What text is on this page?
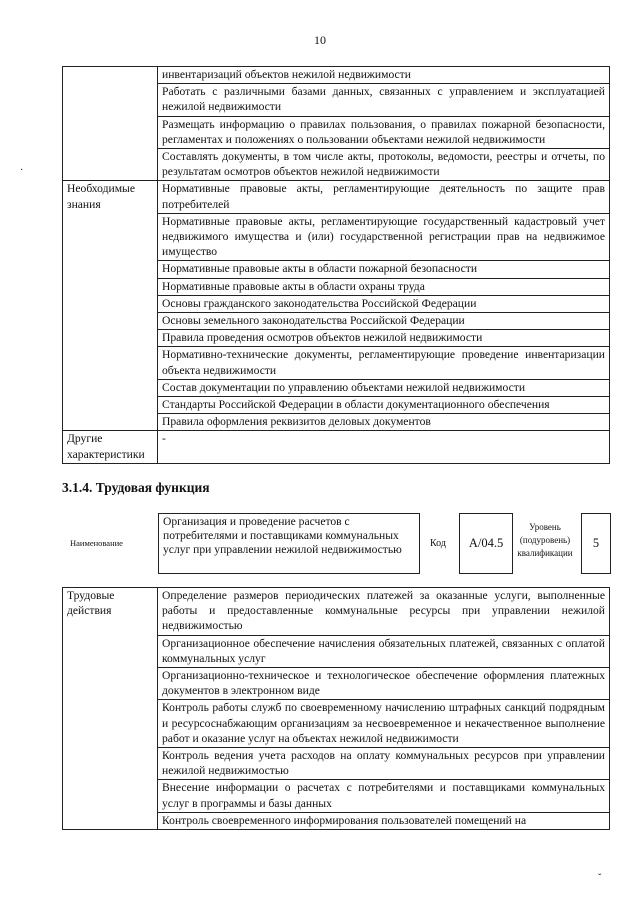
10
	инвентаризаций объектов нежилой недвижимости
	Работать с различными базами данных, связанных с управлением и эксплуатацией нежилой недвижимости
	Размещать информацию о правилах пользования, о правилах пожарной безопасности, регламентах и положениях о пользовании объектами нежилой недвижимости
	Составлять документы, в том числе акты, протоколы, ведомости, реестры и отчеты, по результатам осмотров объектов нежилой недвижимости
Необходимые знания	Нормативные правовые акты, регламентирующие деятельность по защите прав потребителей
	Нормативные правовые акты, регламентирующие государственный кадастровый учет недвижимого имущества и (или) государственной регистрации прав на недвижимое имущество
	Нормативные правовые акты в области пожарной безопасности
	Нормативные правовые акты в области охраны труда
	Основы гражданского законодательства Российской Федерации
	Основы земельного законодательства Российской Федерации
	Правила проведения осмотров объектов нежилой недвижимости
	Нормативно-технические документы, регламентирующие проведение инвентаризации объекта недвижимости
	Состав документации по управлению объектами нежилой недвижимости
	Стандарты Российской Федерации в области документационного обеспечения
	Правила оформления реквизитов деловых документов
Другие характеристики	-
3.1.4. Трудовая функция
Наименование
Организация и проведение расчетов с потребителями и поставщиками коммунальных услуг при управлении нежилой недвижимостью	Код	A/04.5
Уровень (подуровень) квалификации
5
Трудовые действия	Определение размеров периодических платежей за оказанные услуги, выполненные работы и предоставленные коммунальные ресурсы при управлении нежилой недвижимостью
	Организационное обеспечение начисления обязательных платежей, связанных с оплатой коммунальных услуг
	Организационно-техническое и технологическое обеспечение оформления платежных документов в электронном виде
	Контроль работы служб по своевременному начислению штрафных санкций подрядным и ресурсоснабжающим организациям за несвоевременное и некачественное выполнение работ и оказание услуг на объектах нежилой недвижимости
	Контроль ведения учета расходов на оплату коммунальных ресурсов при управлении нежилой недвижимостью
	Внесение информации о расчетах с потребителями и поставщиками коммунальных услуг в программы и базы данных
	Контроль своевременного информирования пользователей помещений на
·
ˇ
